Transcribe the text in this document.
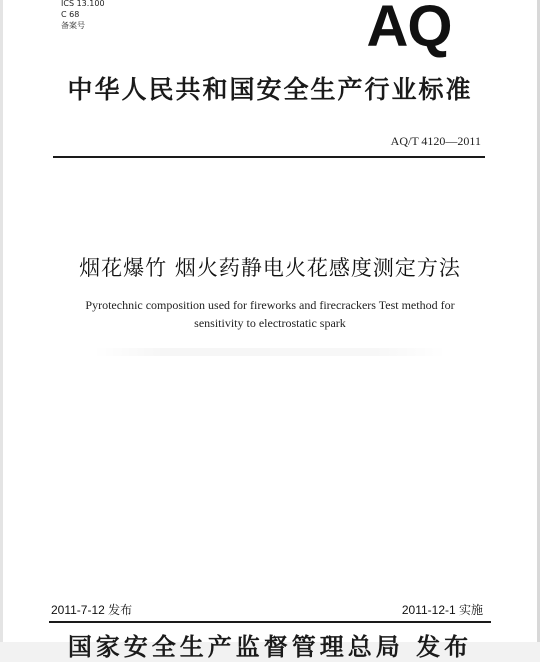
ICS 13.100
C 68
备案号	AQ
中华人民共和国安全生产行业标准
AQ/T 4120—2011
烟花爆竹 烟火药静电火花感度测定方法
Pyrotechnic composition used for fireworks and firecrackers Test method for
sensitivity to electrostatic spark
2011-7-12 发布	2011-12-1 实施
国家安全生产监督管理总局 发布
